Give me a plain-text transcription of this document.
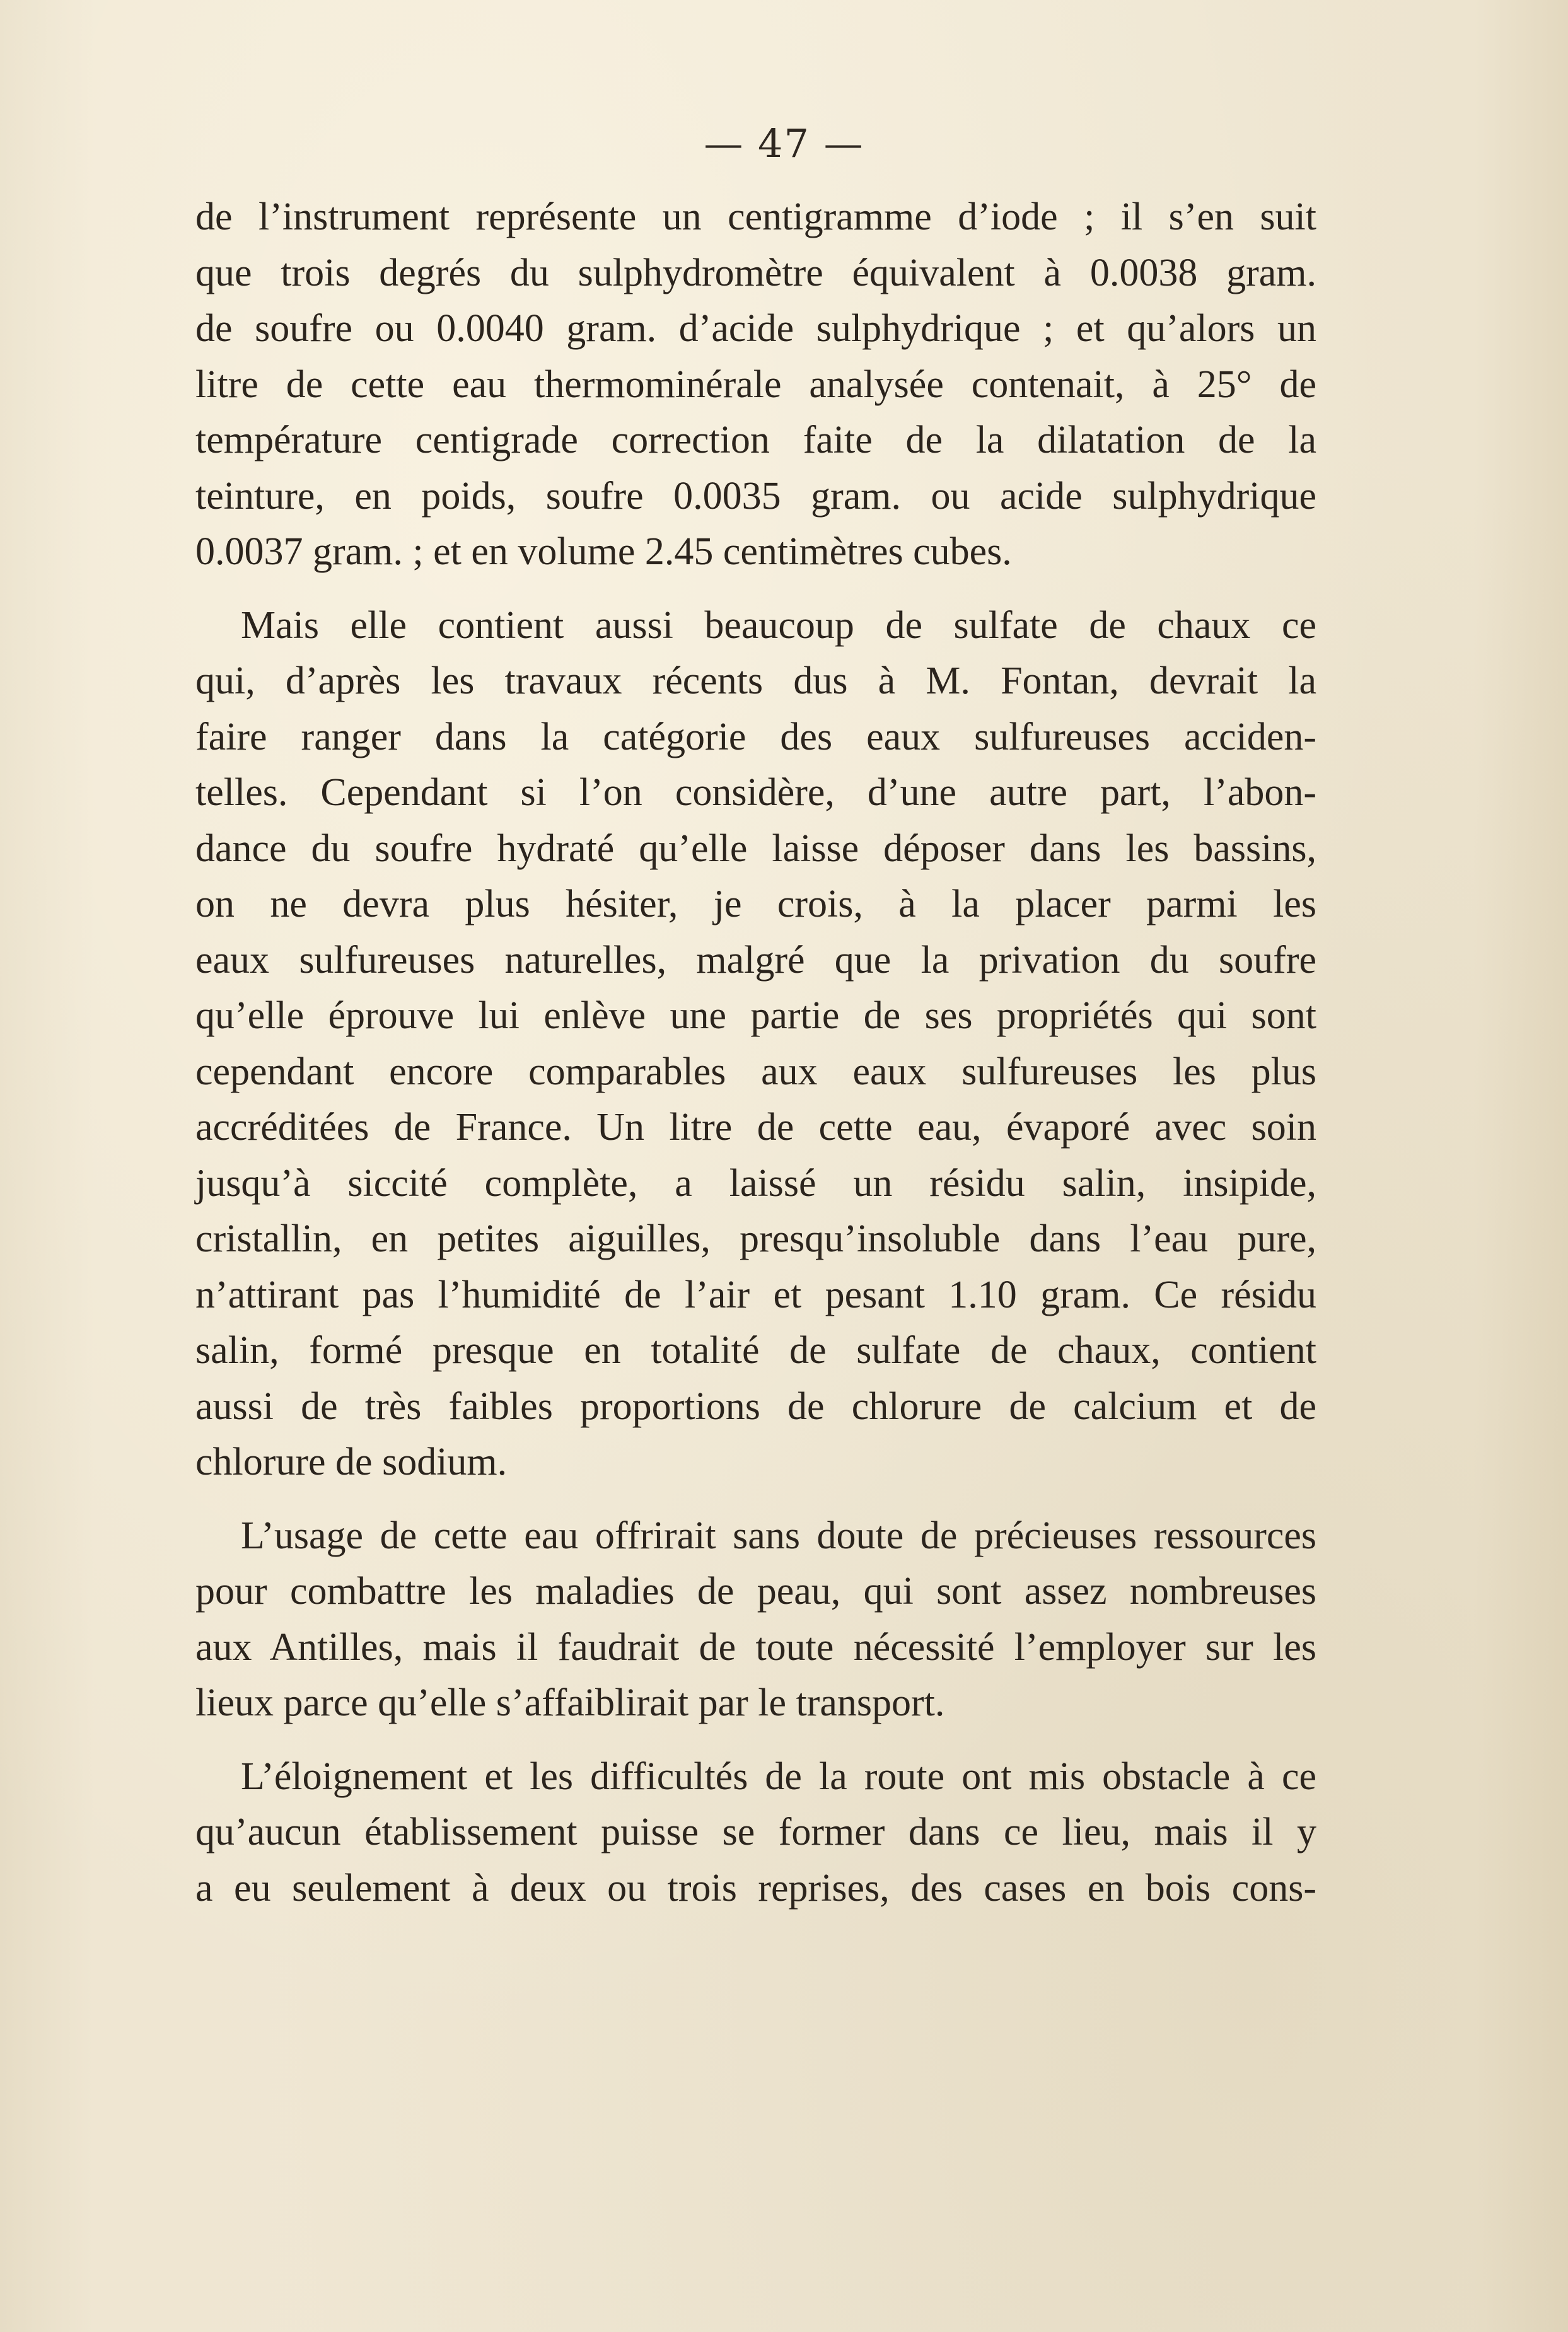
— 47 —
de l’instrument représente un centigramme d’iode ; il s’en suit
que trois degrés du sulphydromètre équivalent à 0.0038 gram.
de soufre ou 0.0040 gram. d’acide sulphydrique ; et qu’alors un
litre de cette eau thermominérale analysée contenait, à 25° de
température centigrade correction faite de la dilatation de la
teinture, en poids, soufre 0.0035 gram. ou acide sulphydrique
0.0037 gram. ; et en volume 2.45 centimètres cubes.
Mais elle contient aussi beaucoup de sulfate de chaux ce
qui, d’après les travaux récents dus à M. Fontan, devrait la
faire ranger dans la catégorie des eaux sulfureuses acciden-
telles. Cependant si l’on considère, d’une autre part, l’abon-
dance du soufre hydraté qu’elle laisse déposer dans les bassins,
on ne devra plus hésiter, je crois, à la placer parmi les
eaux sulfureuses naturelles, malgré que la privation du soufre
qu’elle éprouve lui enlève une partie de ses propriétés qui sont
cependant encore comparables aux eaux sulfureuses les plus
accréditées de France. Un litre de cette eau, évaporé avec soin
jusqu’à siccité complète, a laissé un résidu salin, insipide,
cristallin, en petites aiguilles, presqu’insoluble dans l’eau pure,
n’attirant pas l’humidité de l’air et pesant 1.10 gram. Ce résidu
salin, formé presque en totalité de sulfate de chaux, contient
aussi de très faibles proportions de chlorure de calcium et de
chlorure de sodium.
L’usage de cette eau offrirait sans doute de précieuses ressources
pour combattre les maladies de peau, qui sont assez nombreuses
aux Antilles, mais il faudrait de toute nécessité l’employer sur les
lieux parce qu’elle s’affaiblirait par le transport.
L’éloignement et les difficultés de la route ont mis obstacle à ce
qu’aucun établissement puisse se former dans ce lieu, mais il y
a eu seulement à deux ou trois reprises, des cases en bois cons-
